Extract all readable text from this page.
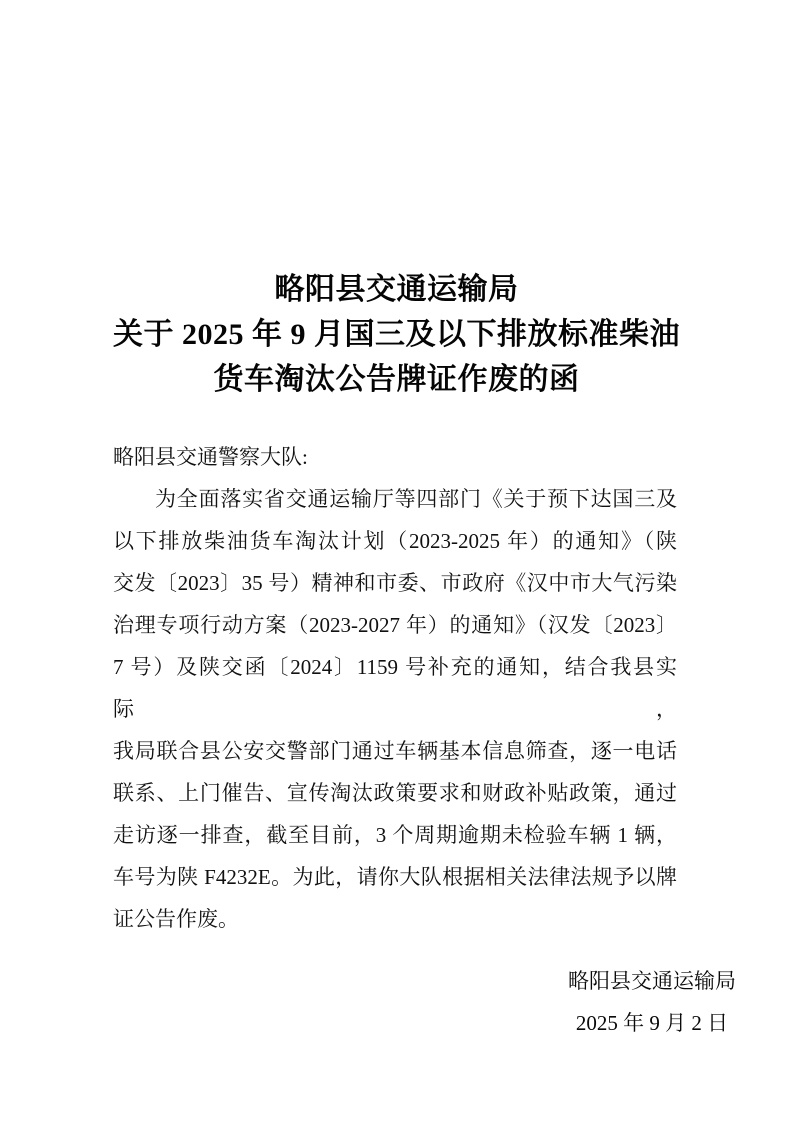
略阳县交通运输局
关于 2025 年 9 月国三及以下排放标准柴油
货车淘汰公告牌证作废的函
略阳县交通警察大队:
为全面落实省交通运输厅等四部门《关于预下达国三及
以下排放柴油货车淘汰计划（2023-2025 年）的通知》（陕
交发〔2023〕35 号）精神和市委、市政府《汉中市大气污染
治理专项行动方案（2023-2027 年）的通知》（汉发〔2023〕
7 号）及陕交函〔2024〕1159 号补充的通知，结合我县实际，
我局联合县公安交警部门通过车辆基本信息筛查，逐一电话
联系、上门催告、宣传淘汰政策要求和财政补贴政策，通过
走访逐一排查，截至目前，3 个周期逾期未检验车辆 1 辆，
车号为陕 F4232E。为此，请你大队根据相关法律法规予以牌
证公告作废。
略阳县交通运输局
2025 年 9 月 2 日
